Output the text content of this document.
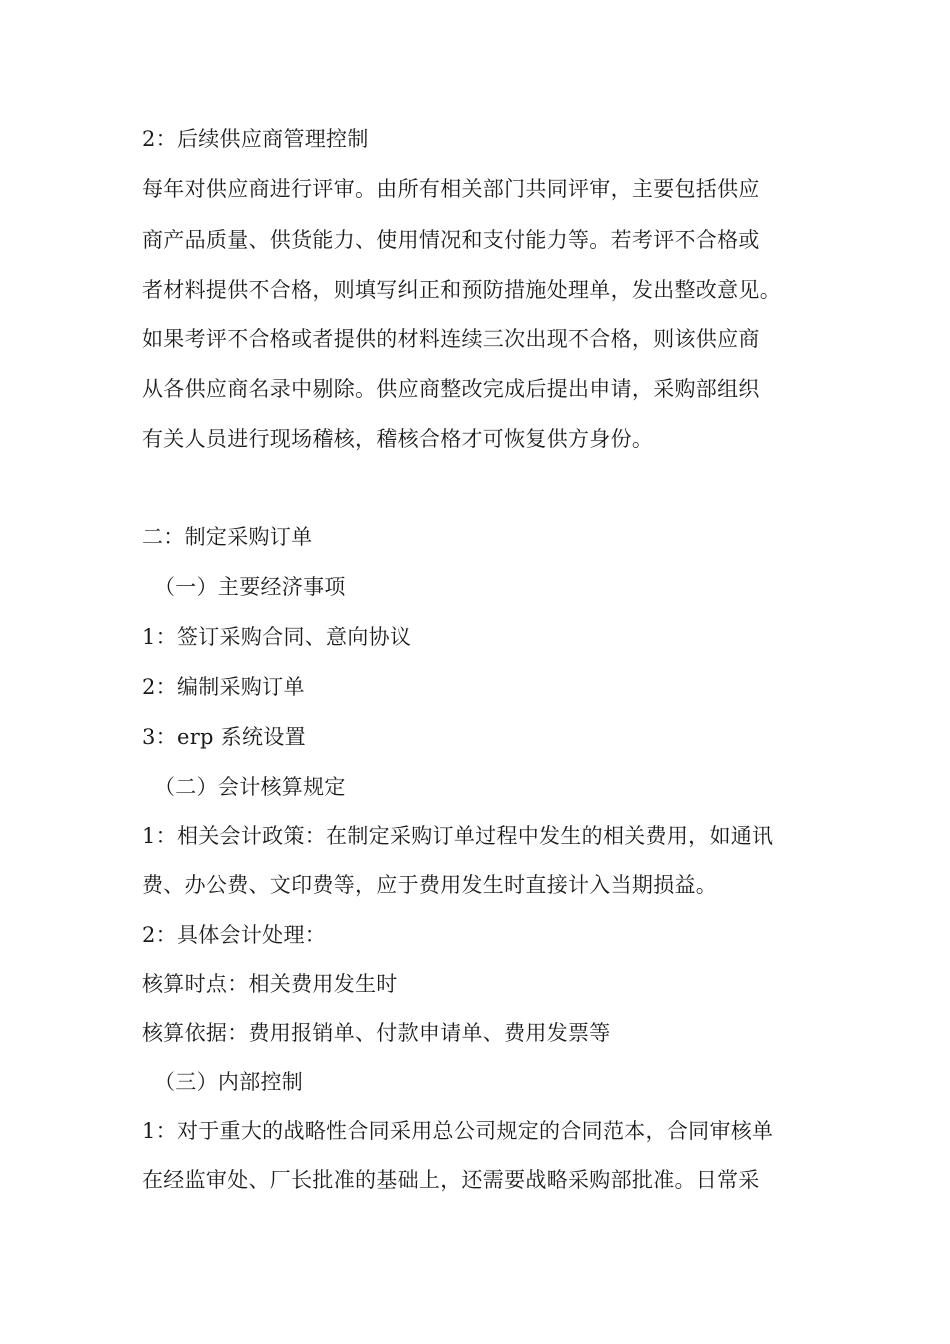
2：后续供应商管理控制
每年对供应商进行评审。由所有相关部门共同评审，主要包括供应
商产品质量、供货能力、使用情况和支付能力等。若考评不合格或
者材料提供不合格，则填写纠正和预防措施处理单，发出整改意见。
如果考评不合格或者提供的材料连续三次出现不合格，则该供应商
从各供应商名录中剔除。供应商整改完成后提出申请，采购部组织
有关人员进行现场稽核，稽核合格才可恢复供方身份。
二：制定采购订单
（一）主要经济事项
1：签订采购合同、意向协议
2：编制采购订单
3：erp 系统设置
（二）会计核算规定
1：相关会计政策：在制定采购订单过程中发生的相关费用，如通讯
费、办公费、文印费等，应于费用发生时直接计入当期损益。
2：具体会计处理：
核算时点：相关费用发生时
核算依据：费用报销单、付款申请单、费用发票等
（三）内部控制
1：对于重大的战略性合同采用总公司规定的合同范本，合同审核单
在经监审处、厂长批准的基础上，还需要战略采购部批准。日常采
